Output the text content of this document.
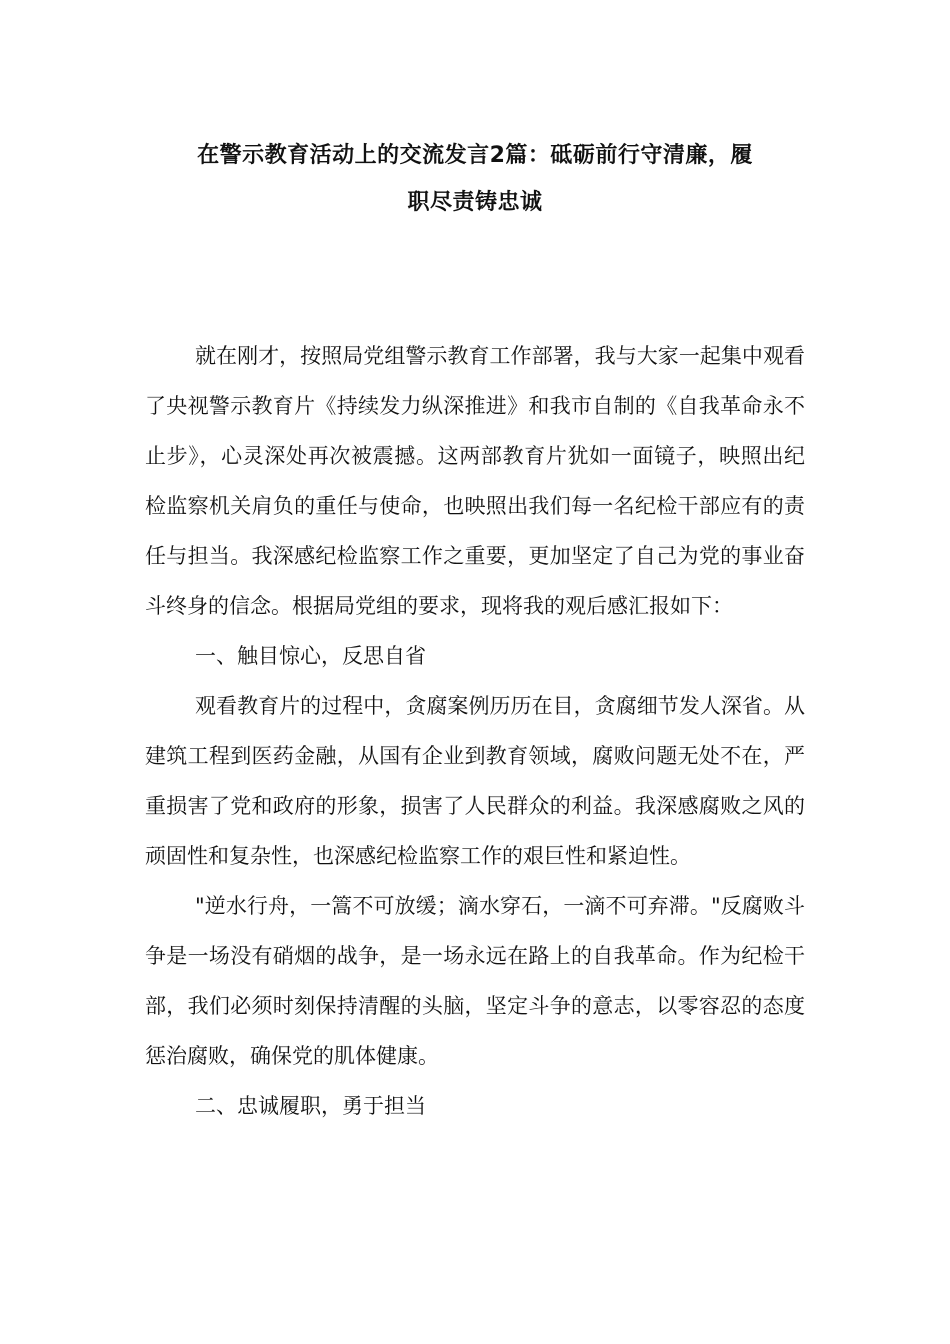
在警示教育活动上的交流发言2篇：砥砺前行守清廉，履
职尽责铸忠诚

就在刚才，按照局党组警示教育工作部署，我与大家一起集中观看了央视警示教育片《持续发力纵深推进》和我市自制的《自我革命永不止步》，心灵深处再次被震撼。这两部教育片犹如一面镜子，映照出纪检监察机关肩负的重任与使命，也映照出我们每一名纪检干部应有的责任与担当。我深感纪检监察工作之重要，更加坚定了自己为党的事业奋斗终身的信念。根据局党组的要求，现将我的观后感汇报如下：

一、触目惊心，反思自省

观看教育片的过程中，贪腐案例历历在目，贪腐细节发人深省。从建筑工程到医药金融，从国有企业到教育领域，腐败问题无处不在，严重损害了党和政府的形象，损害了人民群众的利益。我深感腐败之风的顽固性和复杂性，也深感纪检监察工作的艰巨性和紧迫性。

"逆水行舟，一篙不可放缓；滴水穿石，一滴不可弃滞。"反腐败斗争是一场没有硝烟的战争，是一场永远在路上的自我革命。作为纪检干部，我们必须时刻保持清醒的头脑，坚定斗争的意志，以零容忍的态度惩治腐败，确保党的肌体健康。

二、忠诚履职，勇于担当
